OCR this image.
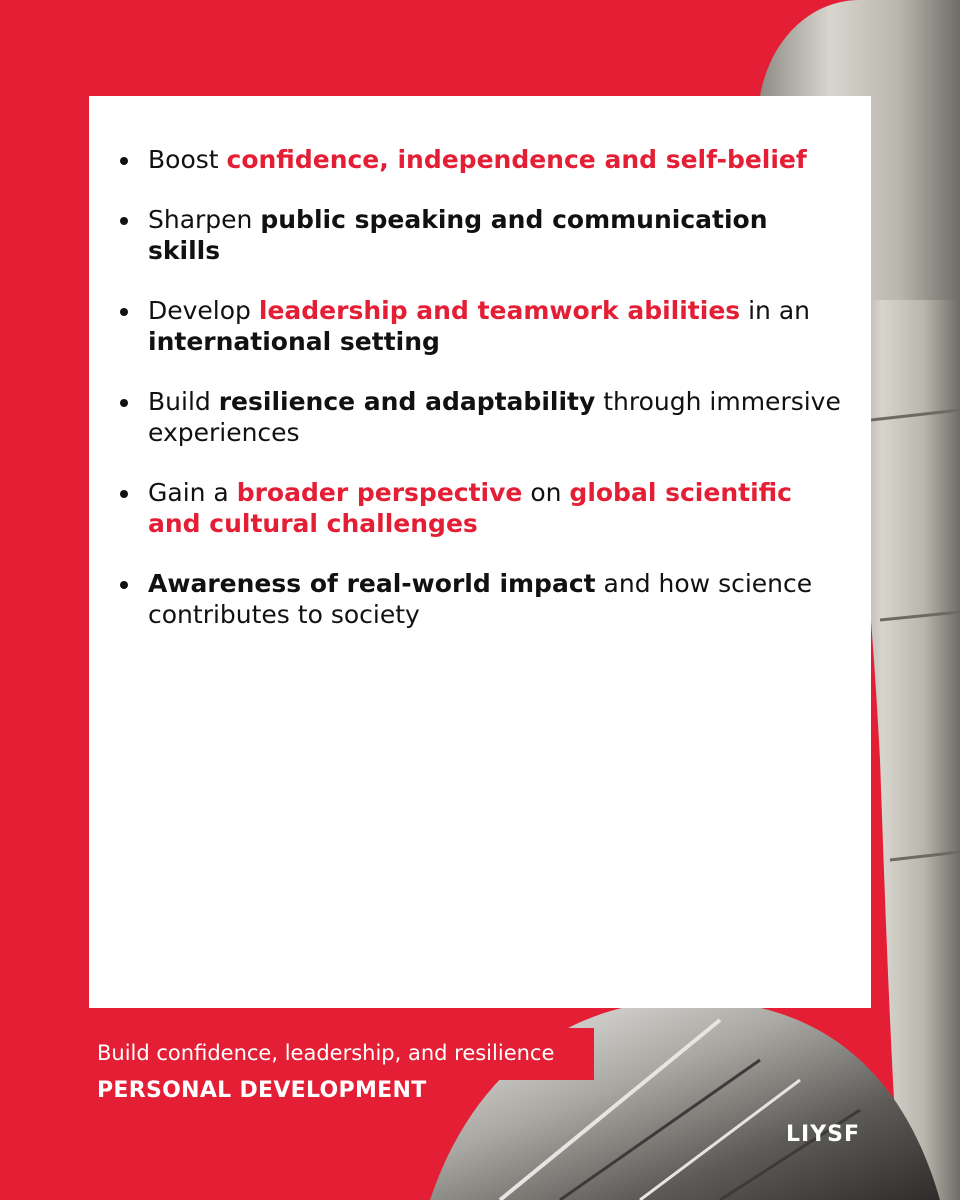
Boost confidence, independence and self-belief
Sharpen public speaking and communication skills
Develop leadership and teamwork abilities in an international setting
Build resilience and adaptability through immersive experiences
Gain a broader perspective on global scientific and cultural challenges
Awareness of real-world impact and how science contributes to society
Build confidence, leadership, and resilience
PERSONAL DEVELOPMENT
LIYSF
